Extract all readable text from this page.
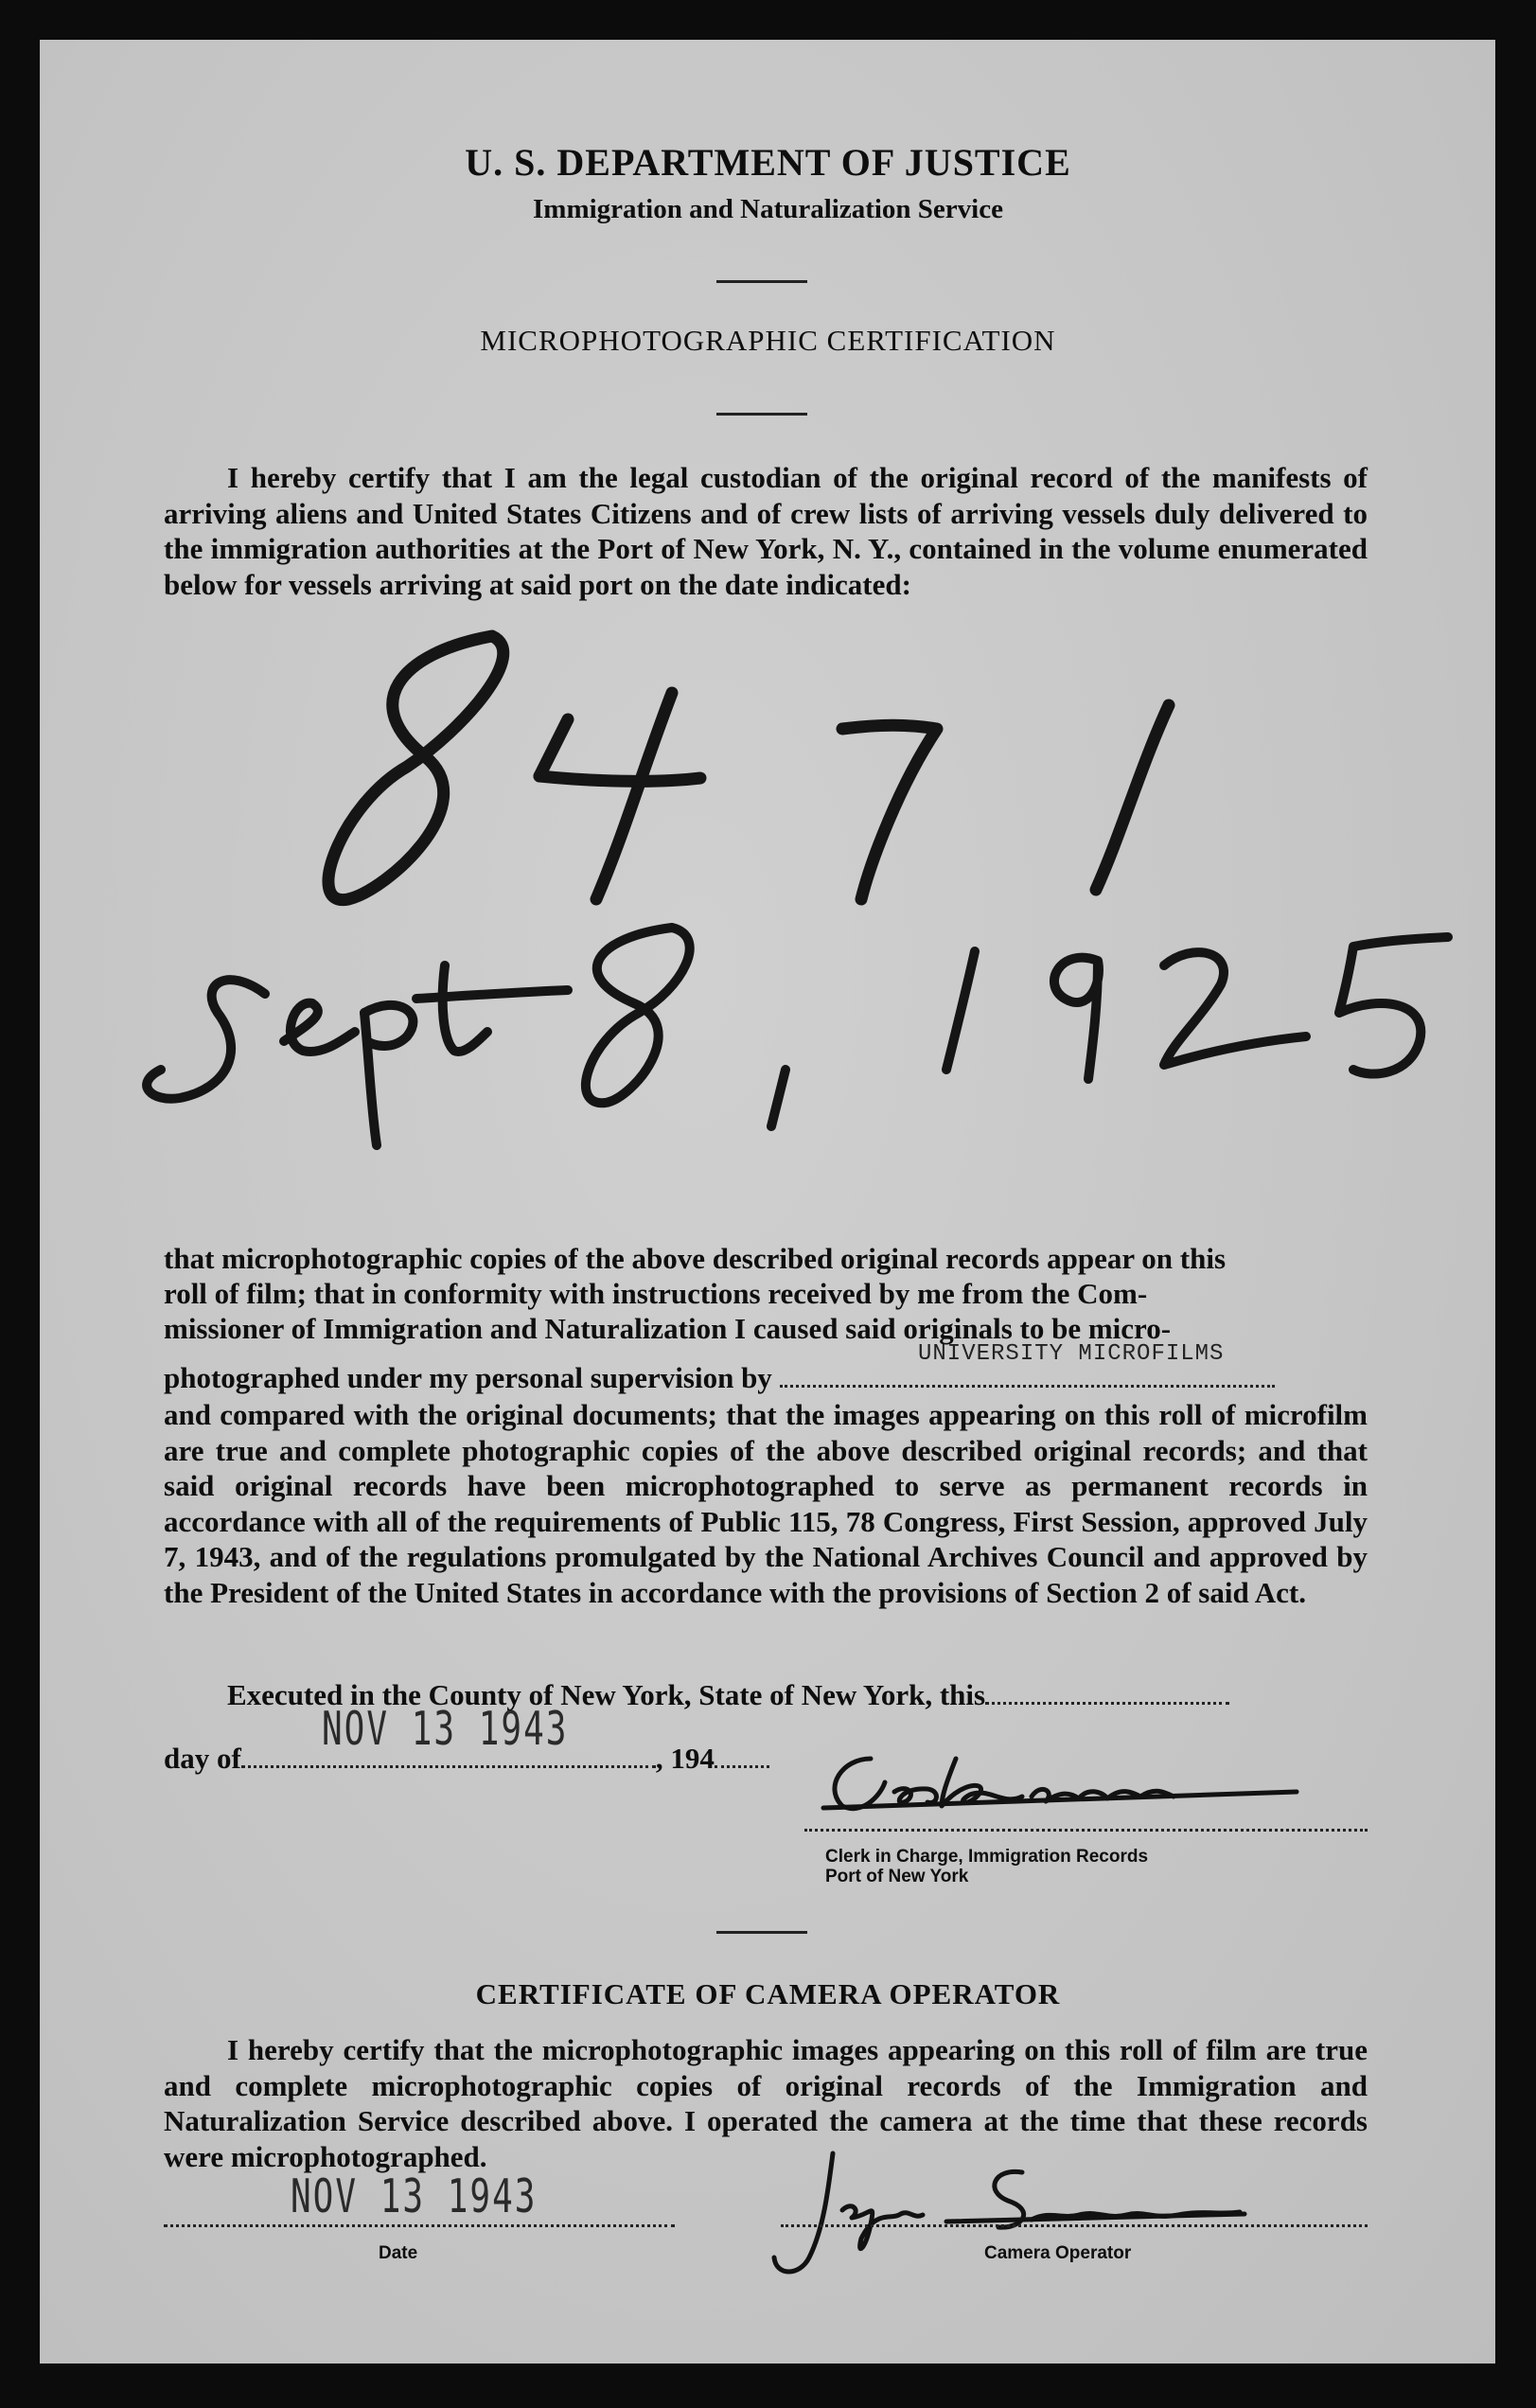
U. S. DEPARTMENT OF JUSTICE
Immigration and Naturalization Service
MICROPHOTOGRAPHIC CERTIFICATION
I hereby certify that I am the legal custodian of the original record of the manifests of arriving aliens and United States Citizens and of crew lists of arriving vessels duly delivered to the immigration authorities at the Port of New York, N. Y., contained in the volume enumerated below for vessels arriving at said port on the date indicated:
that microphotographic copies of the above described original records appear on this
roll of film; that in conformity with instructions received by me from the Com-
missioner of Immigration and Naturalization I caused said originals to be micro-
photographed under my personal supervision by
UNIVERSITY MICROFILMS
and compared with the original documents; that the images appearing on this roll of microfilm are true and complete photographic copies of the above described original records; and that said original records have been microphotographed to serve as permanent records in accordance with all of the requirements of Public 115, 78 Congress, First Session, approved July 7, 1943, and of the regulations promulgated by the National Archives Council and approved by the President of the United States in accordance with the provisions of Section 2 of said Act.
Executed in the County of New York, State of New York, this
day of	, 194
NOV 13 1943
Clerk in Charge, Immigration Records
Port of New York
CERTIFICATE OF CAMERA OPERATOR
I hereby certify that the microphotographic images appearing on this roll of film are true and complete microphotographic copies of original records of the Immigration and Naturalization Service described above. I operated the camera at the time that these records were microphotographed.
NOV 13 1943
Date	Camera Operator
